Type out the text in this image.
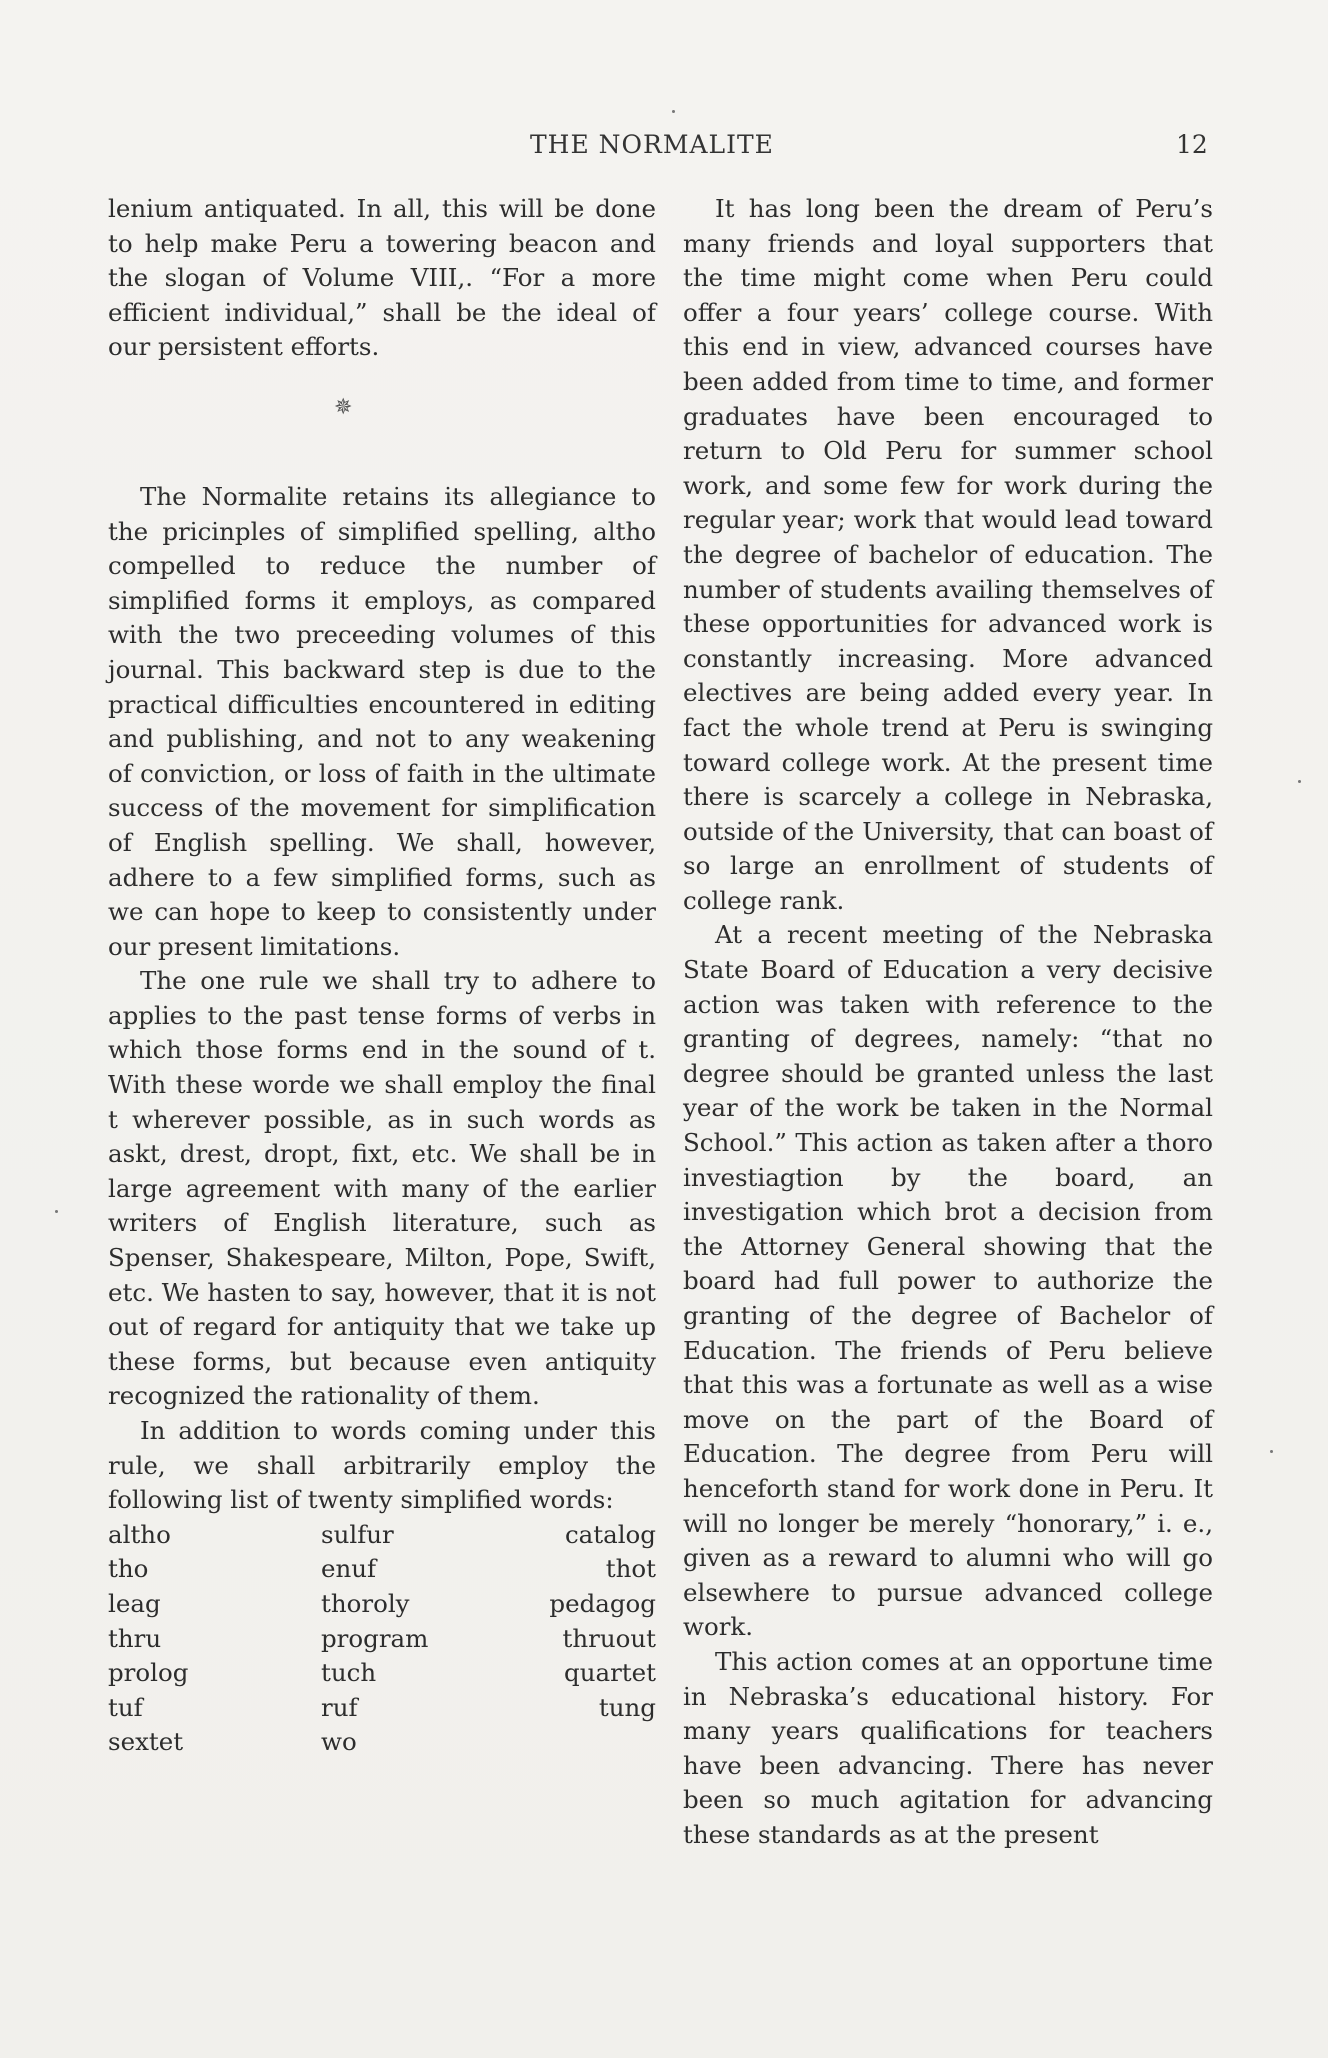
THE NORMALITE	12

lenium antiquated. In all, this will be done to help make Peru a towering beacon and the slogan of Volume VIII,. “For a more efficient individual,” shall be the ideal of our persistent efforts.

✵

The Normalite retains its allegiance to the pricinples of simplified spelling, altho compelled to reduce the number of simplified forms it employs, as compared with the two preceeding volumes of this journal. This backward step is due to the practical difficulties encountered in editing and publishing, and not to any weakening of conviction, or loss of faith in the ultimate success of the movement for simplification of English spelling. We shall, however, adhere to a few simplified forms, such as we can hope to keep to consistently under our present limitations.

The one rule we shall try to adhere to applies to the past tense forms of verbs in which those forms end in the sound of t. With these worde we shall employ the final t wherever possible, as in such words as askt, drest, dropt, fixt, etc. We shall be in large agreement with many of the earlier writers of English literature, such as Spenser, Shakespeare, Milton, Pope, Swift, etc. We hasten to say, however, that it is not out of regard for antiquity that we take up these forms, but because even antiquity recognized the rationality of them.

In addition to words coming under this rule, we shall arbitrarily employ the following list of twenty simplified words:

altho	sulfur	catalog
tho	enuf	thot
leag	thoroly	pedagog
thru	program	thruout
prolog	tuch	quartet
tuf	ruf	tung
sextet	wo

It has long been the dream of Peru’s many friends and loyal supporters that the time might come when Peru could offer a four years’ college course. With this end in view, advanced courses have been added from time to time, and former graduates have been encouraged to return to Old Peru for summer school work, and some few for work during the regular year; work that would lead toward the degree of bachelor of education. The number of students availing themselves of these opportunities for advanced work is constantly increasing. More advanced electives are being added every year. In fact the whole trend at Peru is swinging toward college work. At the present time there is scarcely a college in Nebraska, outside of the University, that can boast of so large an enrollment of students of college rank.

At a recent meeting of the Nebraska State Board of Education a very decisive action was taken with reference to the granting of degrees, namely: “that no degree should be granted unless the last year of the work be taken in the Normal School.” This action as taken after a thoro investiagtion by the board, an investigation which brot a decision from the Attorney General showing that the board had full power to authorize the granting of the degree of Bachelor of Education. The friends of Peru believe that this was a fortunate as well as a wise move on the part of the Board of Education. The degree from Peru will henceforth stand for work done in Peru. It will no longer be merely “honorary,” i. e., given as a reward to alumni who will go elsewhere to pursue advanced college work.

This action comes at an opportune time in Nebraska’s educational history. For many years qualifications for teachers have been advancing. There has never been so much agitation for advancing these standards as at the present
